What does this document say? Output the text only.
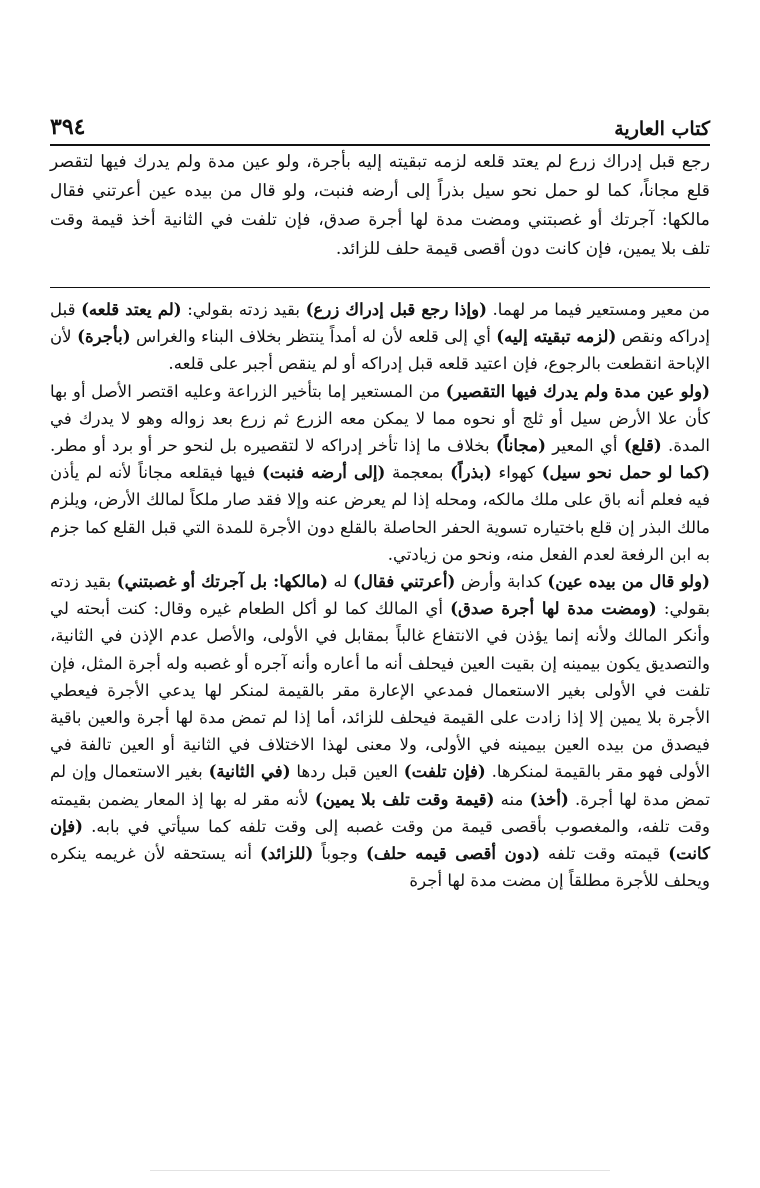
كتاب العارية
٣٩٤

رجع قبل إدراك زرع لم يعتد قلعه لزمه تبقيته إليه بأجرة، ولو عين مدة ولم يدرك فيها لتقصر قلع مجاناً، كما لو حمل نحو سيل بذراً إلى أرضه فنبت، ولو قال من بيده عين أعرتني فقال مالكها: آجرتك أو غصبتني ومضت مدة لها أجرة صدق، فإن تلفت في الثانية أخذ قيمة وقت تلف بلا يمين، فإن كانت دون أقصى قيمة حلف للزائد.

من معير ومستعير فيما مر لهما. (وإذا رجع قبل إدراك زرع) بقيد زدته بقولي: (لم يعتد قلعه) قبل إدراكه ونقص (لزمه تبقيته إليه) أي إلى قلعه لأن له أمداً ينتظر بخلاف البناء والغراس (بأجرة) لأن الإباحة انقطعت بالرجوع، فإن اعتيد قلعه قبل إدراكه أو لم ينقص أجبر على قلعه.

(ولو عين مدة ولم يدرك فيها التقصير) من المستعير إما بتأخير الزراعة وعليه اقتصر الأصل أو بها كأن علا الأرض سيل أو ثلج أو نحوه مما لا يمكن معه الزرع ثم زرع بعد زواله وهو لا يدرك في المدة. (قلع) أي المعير (مجاناً) بخلاف ما إذا تأخر إدراكه لا لتقصيره بل لنحو حر أو برد أو مطر. (كما لو حمل نحو سيل) كهواء (بذراً) بمعجمة (إلى أرضه فنبت) فيها فيقلعه مجاناً لأنه لم يأذن فيه فعلم أنه باق على ملك مالكه، ومحله إذا لم يعرض عنه وإلا فقد صار ملكاً لمالك الأرض، ويلزم مالك البذر إن قلع باختياره تسوية الحفر الحاصلة بالقلع دون الأجرة للمدة التي قبل القلع كما جزم به ابن الرفعة لعدم الفعل منه، ونحو من زيادتي.

(ولو قال من بيده عين) كدابة وأرض (أعرتني فقال) له (مالكها: بل آجرتك أو غصبتني) بقيد زدته بقولي: (ومضت مدة لها أجرة صدق) أي المالك كما لو أكل الطعام غيره وقال: كنت أبحته لي وأنكر المالك ولأنه إنما يؤذن في الانتفاع غالباً بمقابل في الأولى، والأصل عدم الإذن في الثانية، والتصديق يكون بيمينه إن بقيت العين فيحلف أنه ما أعاره وأنه آجره أو غصبه وله أجرة المثل، فإن تلفت في الأولى بغير الاستعمال فمدعي الإعارة مقر بالقيمة لمنكر لها يدعي الأجرة فيعطي الأجرة بلا يمين إلا إذا زادت على القيمة فيحلف للزائد، أما إذا لم تمض مدة لها أجرة والعين باقية فيصدق من بيده العين بيمينه في الأولى، ولا معنى لهذا الاختلاف في الثانية أو العين تالفة في الأولى فهو مقر بالقيمة لمنكرها. (فإن تلفت) العين قبل ردها (في الثانية) بغير الاستعمال وإن لم تمض مدة لها أجرة. (أخذ) منه (قيمة وقت تلف بلا يمين) لأنه مقر له بها إذ المعار يضمن بقيمته وقت تلفه، والمغصوب بأقصى قيمة من وقت غصبه إلى وقت تلفه كما سيأتي في بابه. (فإن كانت) قيمته وقت تلفه (دون أقصى قيمه حلف) وجوباً (للزائد) أنه يستحقه لأن غريمه ينكره ويحلف للأجرة مطلقاً إن مضت مدة لها أجرة
